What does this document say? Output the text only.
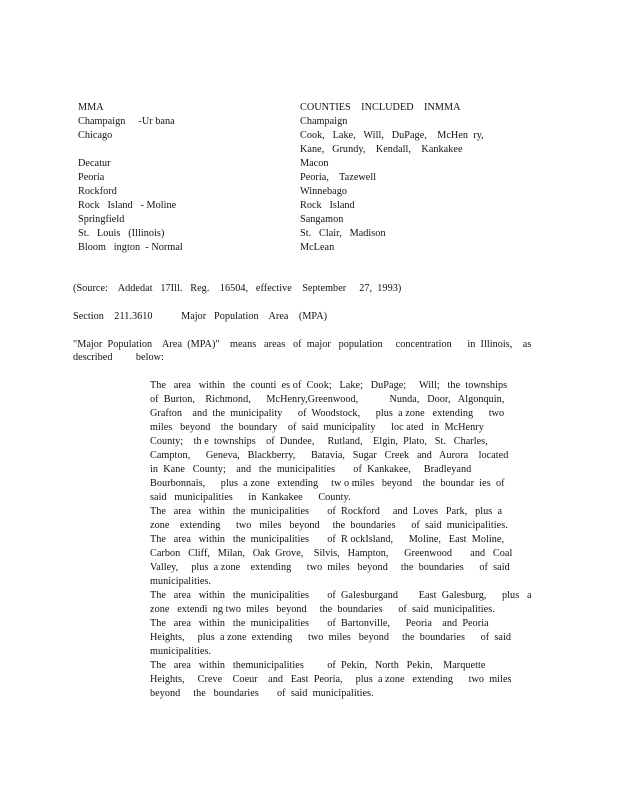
MMA	COUNTIES    INCLUDED    INMMA
Champaign     -Ur bana	Champaign
Chicago	Cook,   Lake,   Will,   DuPage,    McHen  ry,
Kane,   Grundy,    Kendall,    Kankakee
Decatur	Macon
Peoria	Peoria,    Tazewell
Rockford	Winnebago
Rock   Island   - Moline	Rock   Island
Springfield	Sangamon
St.   Louis   (Illinois)	St.   Clair,   Madison
Bloom   ington  - Normal	McLean
(Source:    Addedat   17Ill.   Reg.    16504,   effective    September     27,  1993)
Section    211.3610           Major   Population    Area    (MPA)
"Major  Population    Area  (MPA)"    means   areas   of  major   population     concentration      in  Illinois,    as
described         below:
The   area   within   the  counti  es of  Cook;   Lake;   DuPage;     Will;   the  townships
of  Burton,    Richmond,      McHenry,Greenwood,            Nunda,   Door,   Algonquin,
Grafton    and  the  municipality      of  Woodstock,      plus  a zone   extending      two
miles   beyond    the  boundary    of  said  municipality      loc ated   in  McHenry
County;    th e  townships    of  Dundee,     Rutland,    Elgin,  Plato,   St.   Charles,
Campton,      Geneva,   Blackberry,      Batavia,   Sugar   Creek   and   Aurora    located
in  Kane   County;    and   the  municipalities       of  Kankakee,     Bradleyand
Bourbonnais,      plus  a zone   extending     tw o miles   beyond    the  boundar  ies  of
said   municipalities      in  Kankakee      County.
The   area   within   the  municipalities       of  Rockford     and  Loves   Park,   plus  a
zone    extending      two   miles   beyond     the  boundaries      of  said  municipalities.
The   area   within   the  municipalities       of  R ockIsland,      Moline,   East  Moline,
Carbon   Cliff,   Milan,   Oak  Grove,    Silvis,   Hampton,      Greenwood       and   Coal
Valley,     plus  a zone    extending      two  miles   beyond     the  boundaries      of  said
municipalities.
The   area   within   the  municipalities       of  Galesburgand        East  Galesburg,      plus   a
zone   extendi  ng two  miles   beyond     the  boundaries      of  said  municipalities.
The   area   within   the  municipalities       of  Bartonville,      Peoria    and  Peoria
Heights,     plus  a zone  extending      two  miles   beyond     the  boundaries      of  said
municipalities.
The   area   within   themunicipalities         of  Pekin,   North   Pekin,    Marquette
Heights,     Creve    Coeur    and   East  Peoria,     plus  a zone   extending      two  miles
beyond     the   boundaries       of  said  municipalities.
